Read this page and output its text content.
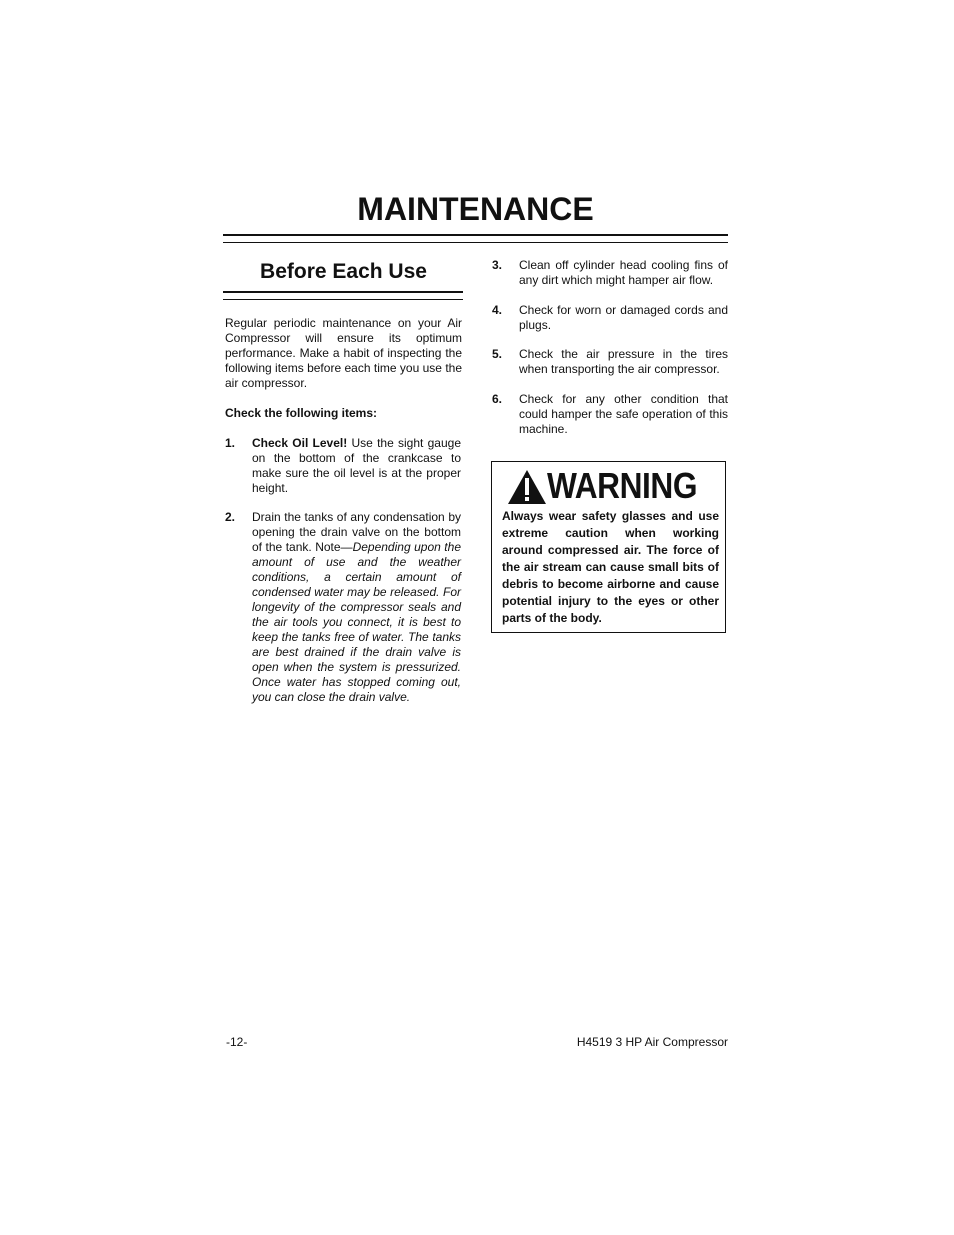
MAINTENANCE
Before Each Use

Regular periodic maintenance on your Air Compressor will ensure its optimum performance. Make a habit of inspecting the following items before each time you use the air compressor.

Check the following items:

1. Check Oil Level! Use the sight gauge on the bottom of the crankcase to make sure the oil level is at the proper height.
2. Drain the tanks of any condensation by opening the drain valve on the bottom of the tank. Note—Depending upon the amount of use and the weather conditions, a certain amount of condensed water may be released. For longevity of the compressor seals and the air tools you connect, it is best to keep the tanks free of water. The tanks are best drained if the drain valve is open when the system is pressurized. Once water has stopped coming out, you can close the drain valve.
3. Clean off cylinder head cooling fins of any dirt which might hamper air flow.
4. Check for worn or damaged cords and plugs.
5. Check the air pressure in the tires when transporting the air compressor.
6. Check for any other condition that could hamper the safe operation of this machine.
WARNING

Always wear safety glasses and use extreme caution when working around compressed air. The force of the air stream can cause small bits of debris to become airborne and cause potential injury to the eyes or other parts of the body.

-12-	H4519 3 HP Air Compressor
